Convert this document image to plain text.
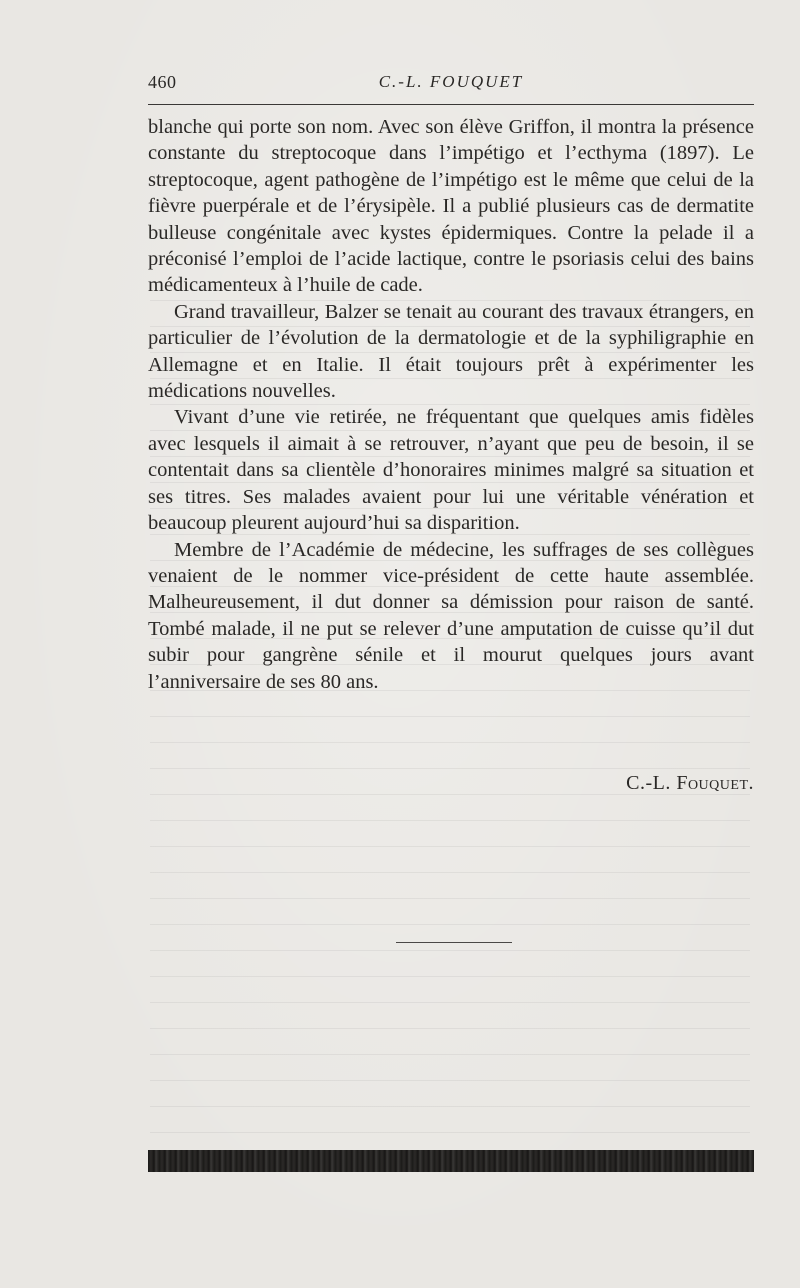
460	C.-L. FOUQUET

blanche qui porte son nom. Avec son élève Griffon, il montra la présence constante du streptocoque dans l’impétigo et l’ecthyma (1897). Le streptocoque, agent pathogène de l’impétigo est le même que celui de la fièvre puerpérale et de l’érysipèle. Il a publié plusieurs cas de dermatite bulleuse congénitale avec kystes épidermiques. Contre la pelade il a préconisé l’emploi de l’acide lactique, contre le psoriasis celui des bains médicamenteux à l’huile de cade.

Grand travailleur, Balzer se tenait au courant des travaux étrangers, en particulier de l’évolution de la dermatologie et de la syphiligraphie en Allemagne et en Italie. Il était toujours prêt à expérimenter les médications nouvelles.

Vivant d’une vie retirée, ne fréquentant que quelques amis fidèles avec lesquels il aimait à se retrouver, n’ayant que peu de besoin, il se contentait dans sa clientèle d’honoraires minimes malgré sa situation et ses titres. Ses malades avaient pour lui une véritable vénération et beaucoup pleurent aujourd’hui sa disparition.

Membre de l’Académie de médecine, les suffrages de ses collègues venaient de le nommer vice-président de cette haute assemblée. Malheureusement, il dut donner sa démission pour raison de santé. Tombé malade, il ne put se relever d’une amputation de cuisse qu’il dut subir pour gangrène sénile et il mourut quelques jours avant l’anniversaire de ses 80 ans.

C.-L. Fouquet.
